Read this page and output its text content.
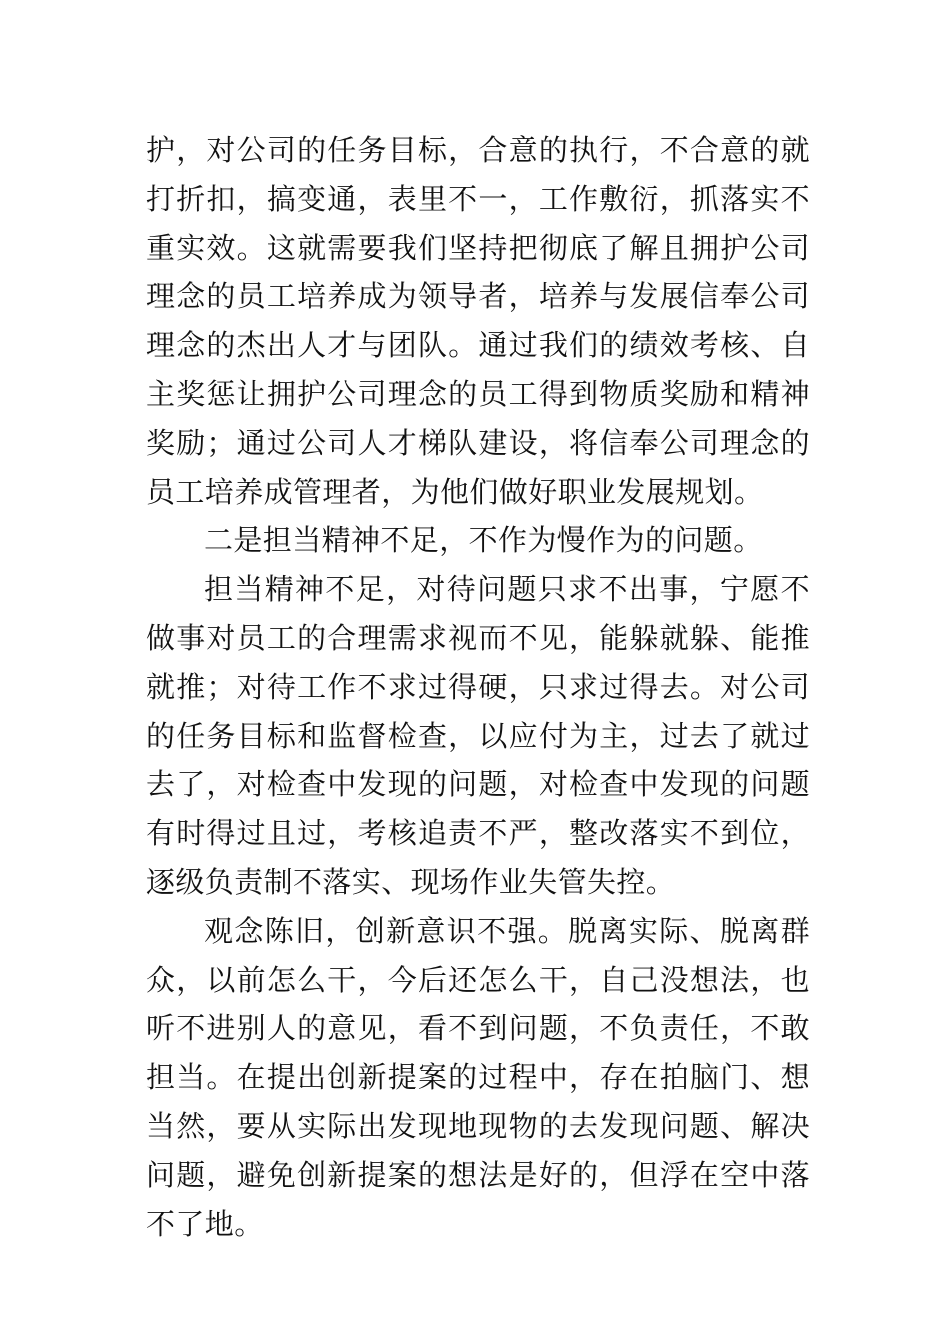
护，对公司的任务目标，合意的执行，不合意的就打折扣，搞变通，表里不一，工作敷衍，抓落实不重实效。这就需要我们坚持把彻底了解且拥护公司理念的员工培养成为领导者，培养与发展信奉公司理念的杰出人才与团队。通过我们的绩效考核、自主奖惩让拥护公司理念的员工得到物质奖励和精神奖励；通过公司人才梯队建设，将信奉公司理念的员工培养成管理者，为他们做好职业发展规划。

二是担当精神不足，不作为慢作为的问题。

担当精神不足，对待问题只求不出事，宁愿不做事对员工的合理需求视而不见，能躲就躲、能推就推；对待工作不求过得硬，只求过得去。对公司的任务目标和监督检查，以应付为主，过去了就过去了，对检查中发现的问题，对检查中发现的问题有时得过且过，考核追责不严，整改落实不到位，逐级负责制不落实、现场作业失管失控。

观念陈旧，创新意识不强。脱离实际、脱离群众，以前怎么干，今后还怎么干，自己没想法，也听不进别人的意见，看不到问题，不负责任，不敢担当。在提出创新提案的过程中，存在拍脑门、想当然，要从实际出发现地现物的去发现问题、解决问题，避免创新提案的想法是好的，但浮在空中落不了地。
